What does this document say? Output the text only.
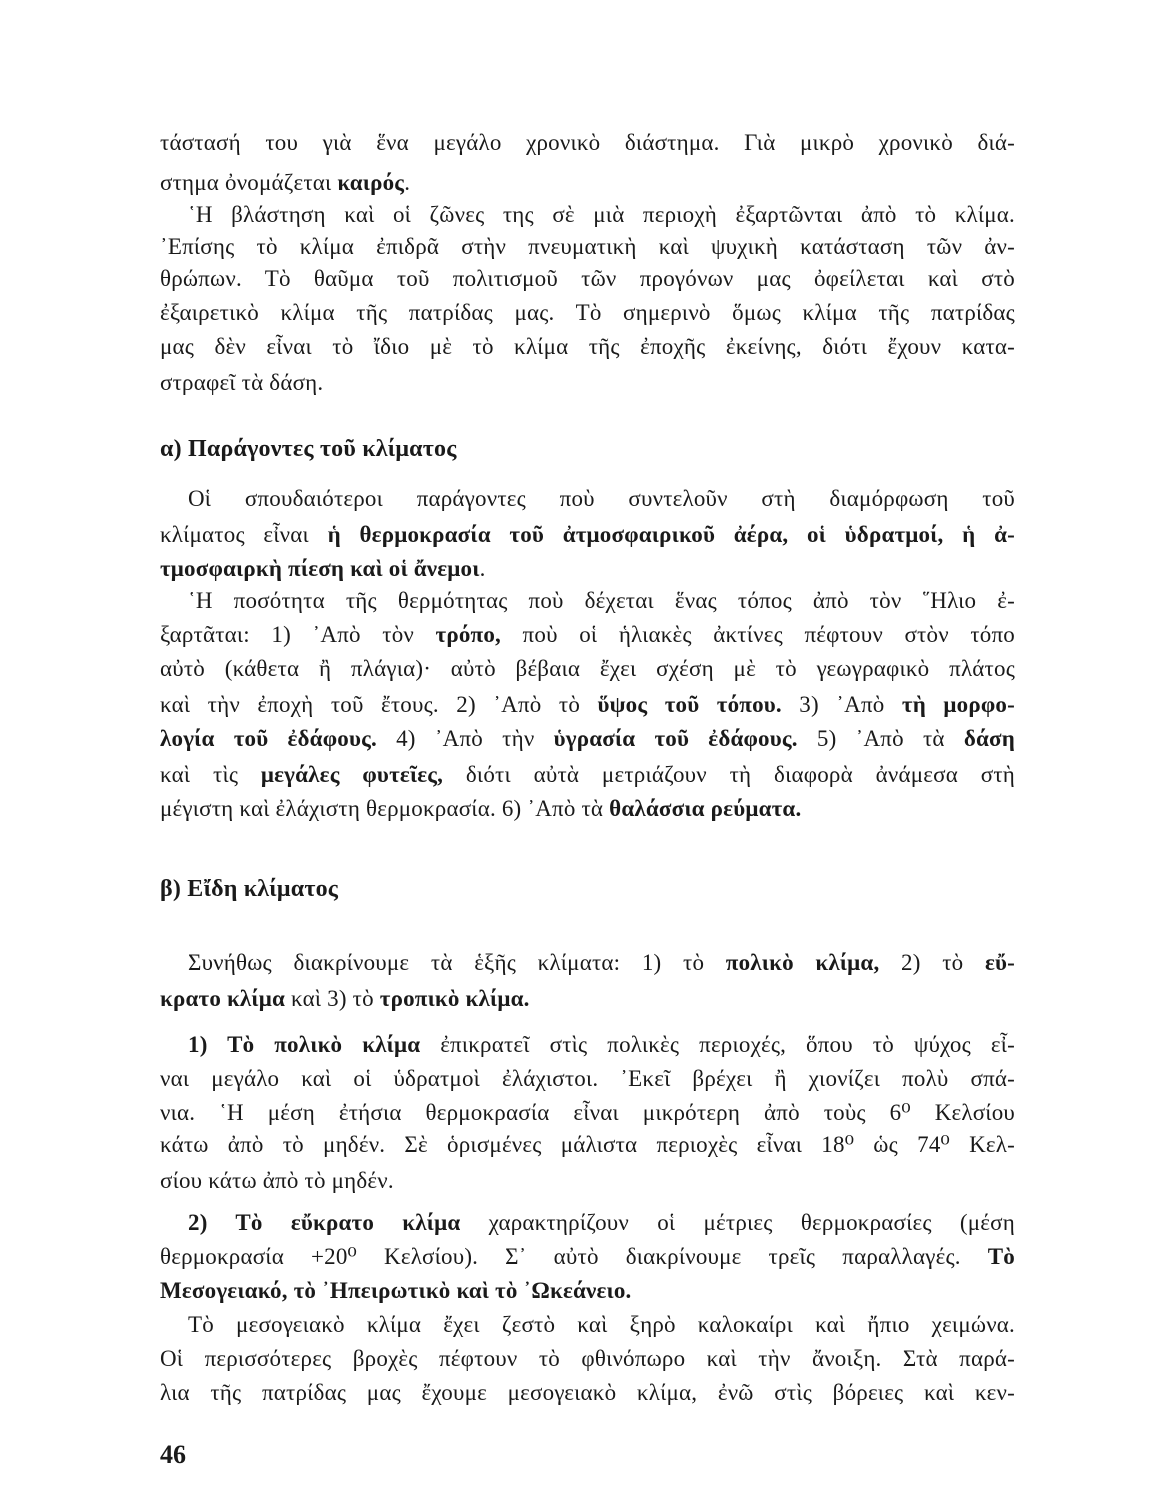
τάστασή του γιὰ ἕνα μεγάλο χρονικὸ διάστημα. Γιὰ μικρὸ χρονικὸ διά-
στημα ὀνομάζεται καιρός.
῾Η βλάστηση καὶ οἱ ζῶνες της σὲ μιὰ περιοχὴ ἐξαρτῶνται ἀπὸ τὸ κλίμα.
᾿Επίσης τὸ κλίμα ἐπιδρᾶ στὴν πνευματικὴ καὶ ψυχικὴ κατάσταση τῶν ἀν-
θρώπων. Τὸ θαῦμα τοῦ πολιτισμοῦ τῶν προγόνων μας ὀφείλεται καὶ στὸ
ἐξαιρετικὸ κλίμα τῆς πατρίδας μας. Τὸ σημερινὸ ὅμως κλίμα τῆς πατρίδας
μας δὲν εἶναι τὸ ἴδιο μὲ τὸ κλίμα τῆς ἐποχῆς ἐκείνης, διότι ἔχουν κατα-
στραφεῖ τὰ δάση.
α) Παράγοντες τοῦ κλίματος
Οἱ σπουδαιότεροι παράγοντες ποὺ συντελοῦν στὴ διαμόρφωση τοῦ
κλίματος εἶναι ἡ θερμοκρασία τοῦ ἀτμοσφαιρικοῦ ἀέρα, οἱ ὑδρατμοί, ἡ ἀ-
τμοσφαιρκὴ πίεση καὶ οἱ ἄνεμοι.
῾Η ποσότητα τῆς θερμότητας ποὺ δέχεται ἕνας τόπος ἀπὸ τὸν ῞Ηλιο ἐ-
ξαρτᾶται: 1) ᾿Απὸ τὸν τρόπο, ποὺ οἱ ἡλιακὲς ἀκτίνες πέφτουν στὸν τόπο
αὐτὸ (κάθετα ἢ πλάγια)· αὐτὸ βέβαια ἔχει σχέση μὲ τὸ γεωγραφικὸ πλάτος
καὶ τὴν ἐποχὴ τοῦ ἔτους. 2) ᾿Απὸ τὸ ὕψος τοῦ τόπου. 3) ᾿Απὸ τὴ μορφο-
λογία τοῦ ἐδάφους. 4) ᾿Απὸ τὴν ὑγρασία τοῦ ἐδάφους. 5) ᾿Απὸ τὰ δάση
καὶ τὶς μεγάλες φυτεῖες, διότι αὐτὰ μετριάζουν τὴ διαφορὰ ἀνάμεσα στὴ
μέγιστη καὶ ἐλάχιστη θερμοκρασία. 6) ᾿Απὸ τὰ θαλάσσια ρεύματα.
β) Εἴδη κλίματος
Συνήθως διακρίνουμε τὰ ἑξῆς κλίματα: 1) τὸ πολικὸ κλίμα, 2) τὸ εὔ-
κρατο κλίμα καὶ 3) τὸ τροπικὸ κλίμα.
1) Τὸ πολικὸ κλίμα ἐπικρατεῖ στὶς πολικὲς περιοχές, ὅπου τὸ ψύχος εἶ-
ναι μεγάλο καὶ οἱ ὑδρατμοὶ ἐλάχιστοι. ᾿Εκεῖ βρέχει ἢ χιονίζει πολὺ σπά-
νια. ῾Η μέση ἐτήσια θερμοκρασία εἶναι μικρότερη ἀπὸ τοὺς 6⁰ Κελσίου
κάτω ἀπὸ τὸ μηδέν. Σὲ ὁρισμένες μάλιστα περιοχὲς εἶναι 18⁰ ὡς 74⁰ Κελ-
σίου κάτω ἀπὸ τὸ μηδέν.
2) Τὸ εὔκρατο κλίμα χαρακτηρίζουν οἱ μέτριες θερμοκρασίες (μέση
θερμοκρασία +20⁰ Κελσίου). Σ᾿ αὐτὸ διακρίνουμε τρεῖς παραλλαγές. Τὸ
Μεσογειακό, τὸ ᾿Ηπειρωτικὸ καὶ τὸ ᾿Ωκεάνειο.
Τὸ μεσογειακὸ κλίμα ἔχει ζεστὸ καὶ ξηρὸ καλοκαίρι καὶ ἤπιο χειμώνα.
Οἱ περισσότερες βροχὲς πέφτουν τὸ φθινόπωρο καὶ τὴν ἄνοιξη. Στὰ παρά-
λια τῆς πατρίδας μας ἔχουμε μεσογειακὸ κλίμα, ἐνῶ στὶς βόρειες καὶ κεν-
46
